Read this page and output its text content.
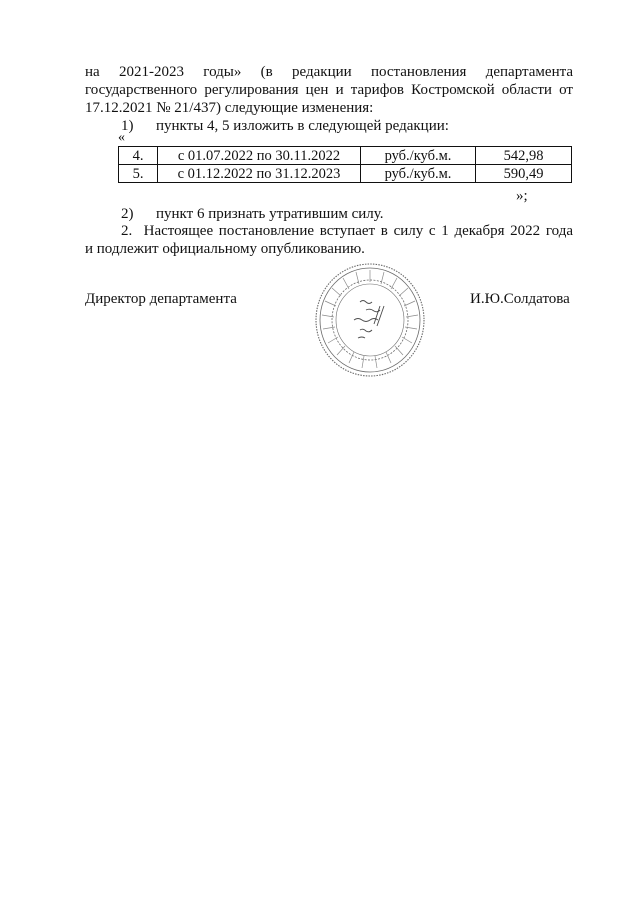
на 2021-2023 годы» (в редакции постановления департамента
государственного регулирования цен и тарифов Костромской области от
17.12.2021 № 21/437) следующие изменения:
1)      пункты 4, 5 изложить в следующей редакции:
«
4.	с 01.07.2022 по 30.11.2022	руб./куб.м.	542,98
5.	с 01.12.2022 по 31.12.2023	руб./куб.м.	590,49
»;
2)      пункт 6 признать утратившим силу.
2.  Настоящее постановление вступает в силу с 1 декабря 2022 года
и подлежит официальному опубликованию.
Директор департамента	И.Ю.Солдатова
